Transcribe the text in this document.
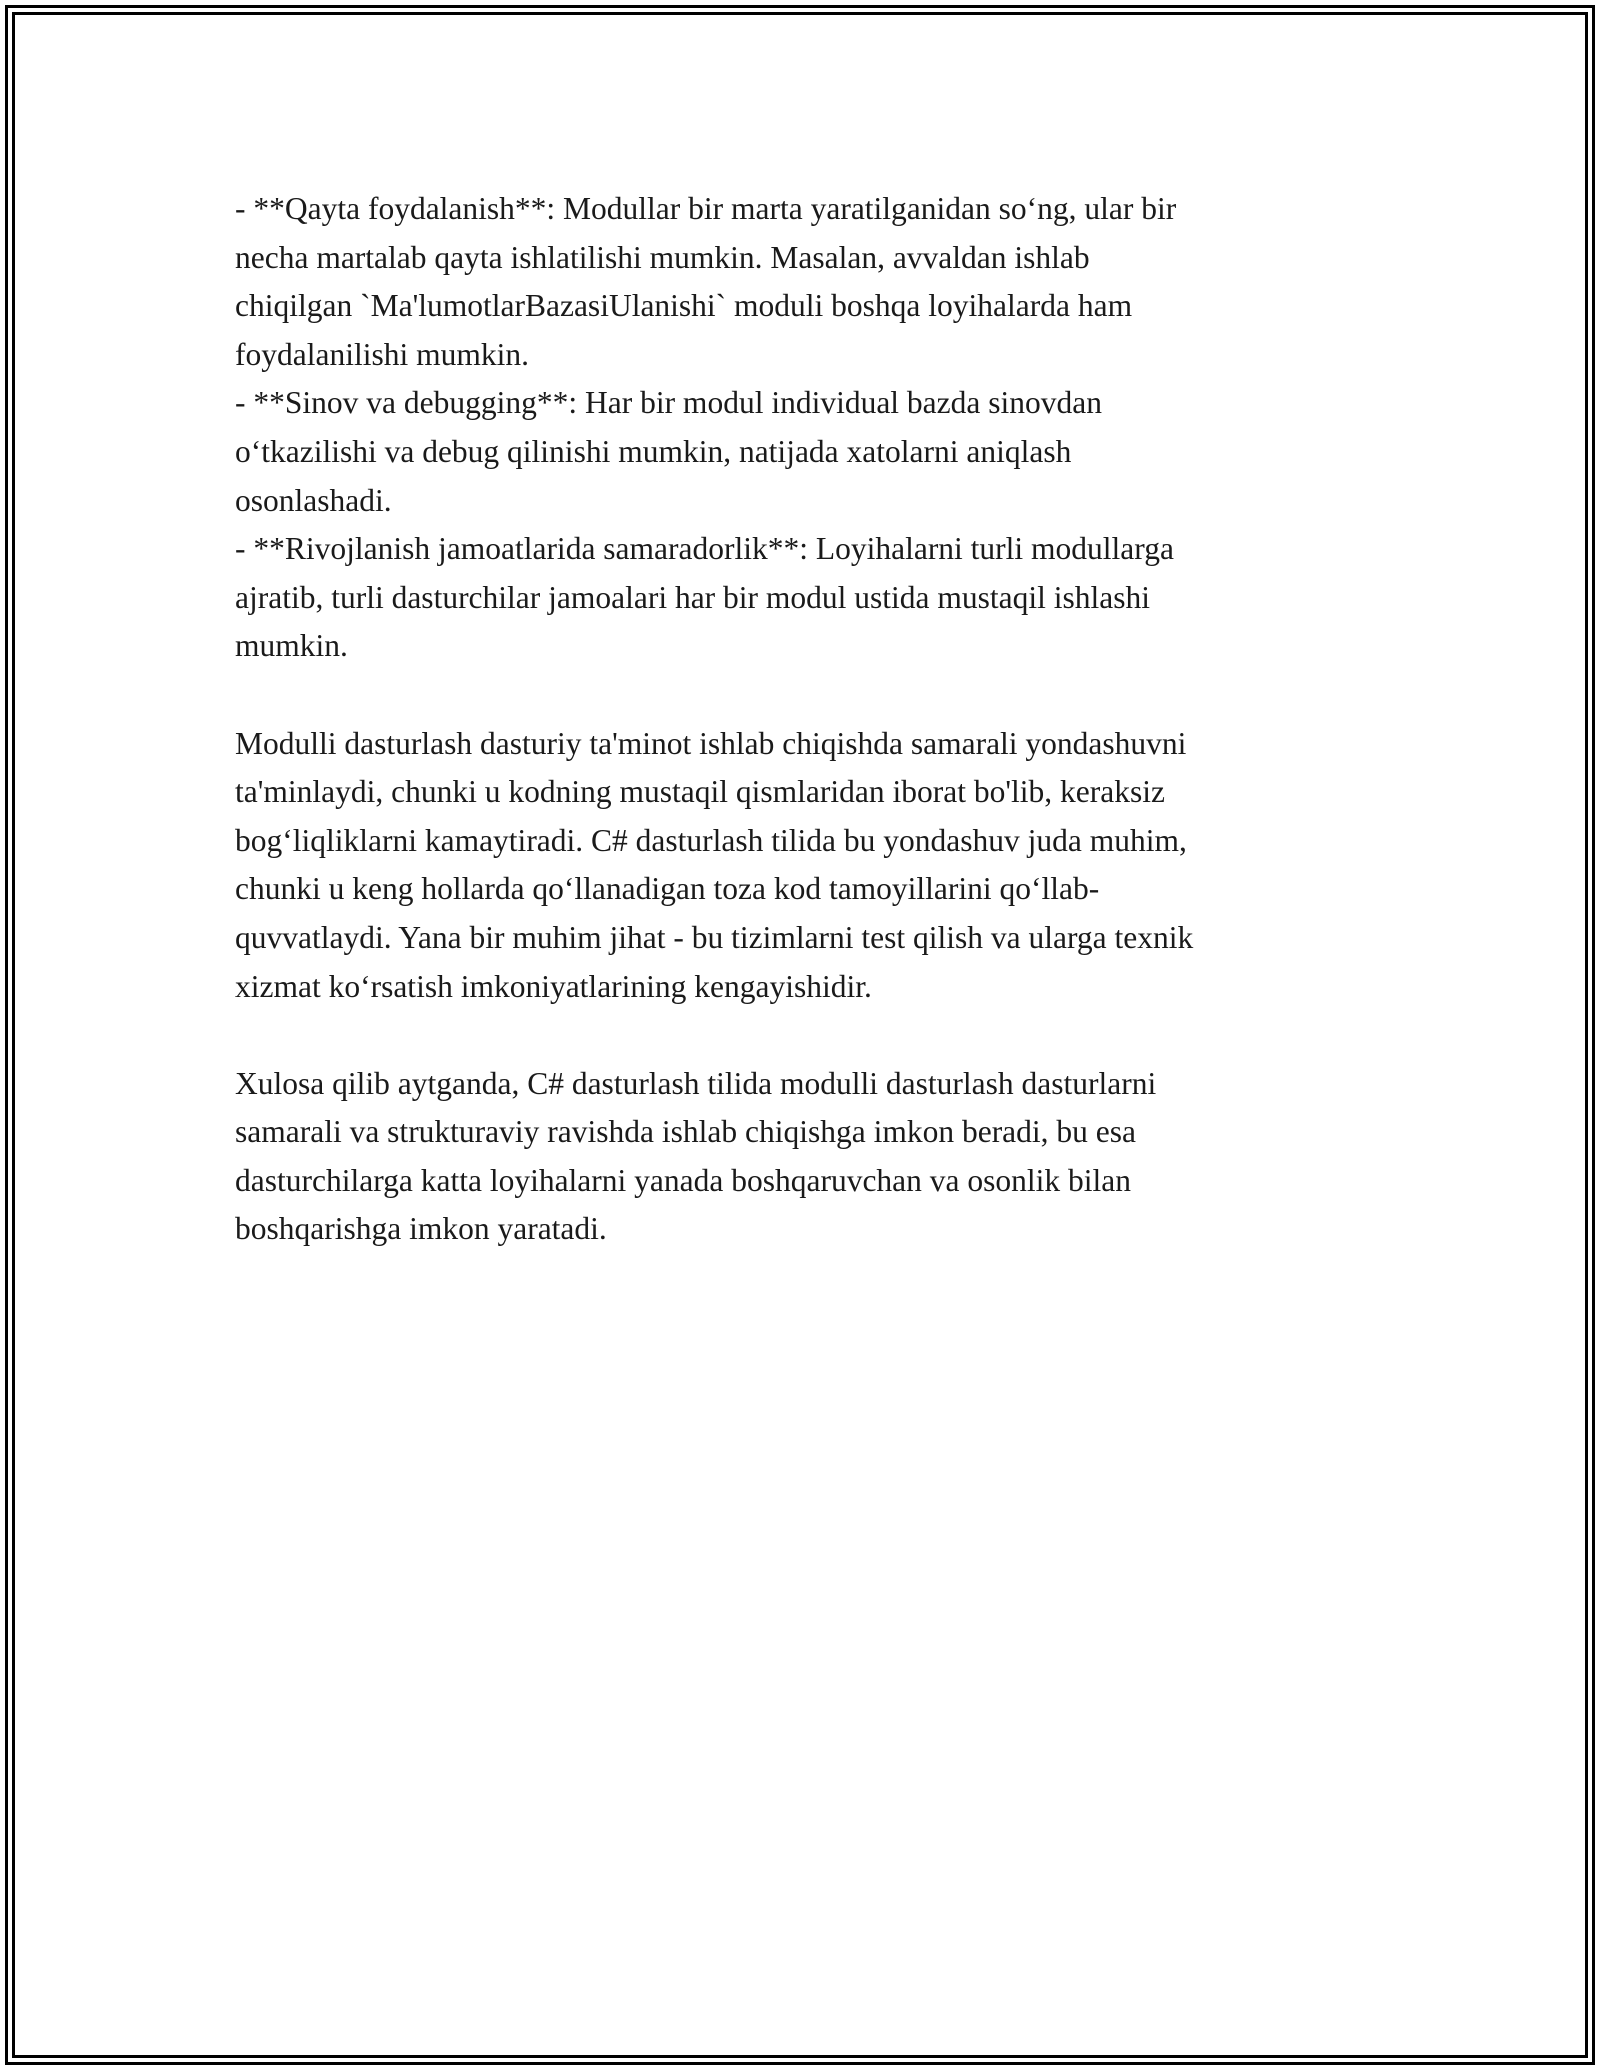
- **Qayta foydalanish**: Modullar bir marta yaratilganidan so‘ng, ular bir
necha martalab qayta ishlatilishi mumkin. Masalan, avvaldan ishlab
chiqilgan `Ma'lumotlarBazasiUlanishi` moduli boshqa loyihalarda ham
foydalanilishi mumkin.
- **Sinov va debugging**: Har bir modul individual bazda sinovdan
o‘tkazilishi va debug qilinishi mumkin, natijada xatolarni aniqlash
osonlashadi.
- **Rivojlanish jamoatlarida samaradorlik**: Loyihalarni turli modullarga
ajratib, turli dasturchilar jamoalari har bir modul ustida mustaqil ishlashi
mumkin.
Modulli dasturlash dasturiy ta'minot ishlab chiqishda samarali yondashuvni
ta'minlaydi, chunki u kodning mustaqil qismlaridan iborat bo'lib, keraksiz
bog‘liqliklarni kamaytiradi. C# dasturlash tilida bu yondashuv juda muhim,
chunki u keng hollarda qo‘llanadigan toza kod tamoyillarini qo‘llab-
quvvatlaydi. Yana bir muhim jihat - bu tizimlarni test qilish va ularga texnik
xizmat ko‘rsatish imkoniyatlarining kengayishidir.
Xulosa qilib aytganda, C# dasturlash tilida modulli dasturlash dasturlarni
samarali va strukturaviy ravishda ishlab chiqishga imkon beradi, bu esa
dasturchilarga katta loyihalarni yanada boshqaruvchan va osonlik bilan
boshqarishga imkon yaratadi.
